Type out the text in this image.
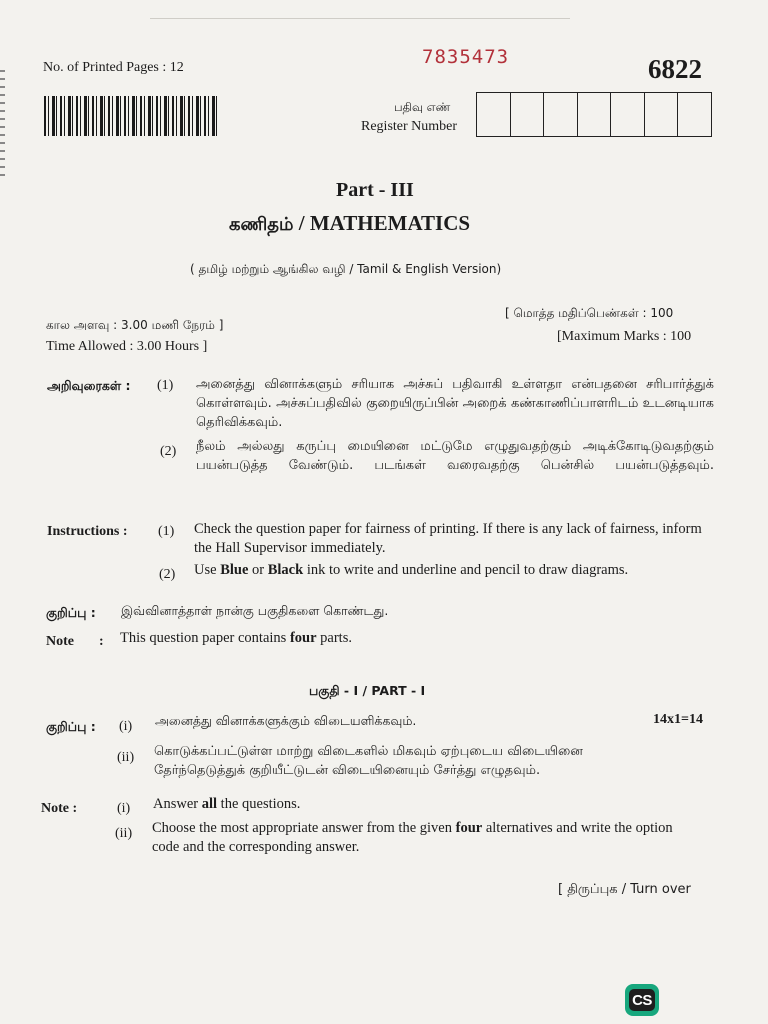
No. of Printed Pages : 12	7835473	6822
பதிவு எண்
Register Number
Part - III
கணிதம் / MATHEMATICS
( தமிழ் மற்றும் ஆங்கில வழி / Tamil & English Version)
கால அளவு : 3.00 மணி நேரம் ]
Time Allowed : 3.00 Hours ]
[ மொத்த மதிப்பெண்கள் : 100
[Maximum Marks : 100
அறிவுரைகள் : (1) அனைத்து வினாக்களும் சரியாக அச்சுப் பதிவாகி உள்ளதா என்பதனை சரிபார்த்துக் கொள்ளவும். அச்சுப்பதிவில் குறையிருப்பின் அறைக் கண்காணிப்பாளரிடம் உடனடியாக தெரிவிக்கவும்.
(2) நீலம் அல்லது கருப்பு மையினை மட்டுமே எழுதுவதற்கும் அடிக்கோடிடுவதற்கும் பயன்படுத்த வேண்டும். படங்கள் வரைவதற்கு பென்சில் பயன்படுத்தவும்.
Instructions : (1) Check the question paper for fairness of printing. If there is any lack of fairness, inform the Hall Supervisor immediately.
(2) Use Blue or Black ink to write and underline and pencil to draw diagrams.
குறிப்பு : இவ்வினாத்தாள் நான்கு பகுதிகளை கொண்டது.
Note : This question paper contains four parts.
பகுதி - I / PART - I
14x1=14
குறிப்பு : (i) அனைத்து வினாக்களுக்கும் விடையளிக்கவும்.
(ii) கொடுக்கப்பட்டுள்ள மாற்று விடைகளில் மிகவும் ஏற்புடைய விடையினை தேர்ந்தெடுத்துக் குறியீட்டுடன் விடையினையும் சேர்த்து எழுதவும்.
Note :	(i) Answer all the questions.
(ii) Choose the most appropriate answer from the given four alternatives and write the option code and the corresponding answer.
[ திருப்புக / Turn over
CS
